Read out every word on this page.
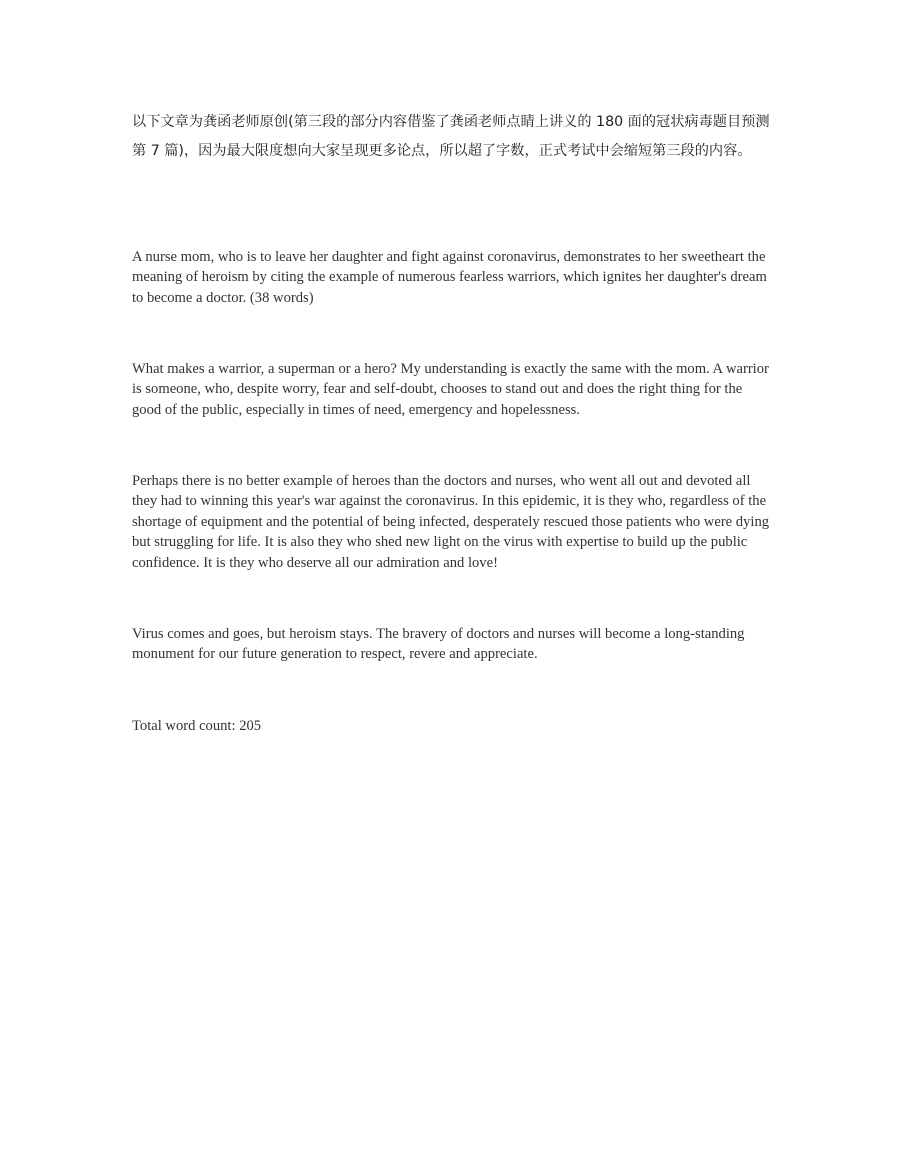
以下文章为龚函老师原创(第三段的部分内容借鉴了龚函老师点睛上讲义的 180 面的冠状病毒题目预测第 7 篇)，因为最大限度想向大家呈现更多论点，所以超了字数，正式考试中会缩短第三段的内容。
A nurse mom, who is to leave her daughter and fight against coronavirus, demonstrates to her sweetheart the meaning of heroism by citing the example of numerous fearless warriors, which ignites her daughter's dream to become a doctor. (38 words)
What makes a warrior, a superman or a hero? My understanding is exactly the same with the mom. A warrior is someone, who, despite worry, fear and self-doubt, chooses to stand out and does the right thing for the good of the public, especially in times of need, emergency and hopelessness.
Perhaps there is no better example of heroes than the doctors and nurses, who went all out and devoted all they had to winning this year's war against the coronavirus. In this epidemic, it is they who, regardless of the shortage of equipment and the potential of being infected, desperately rescued those patients who were dying but struggling for life. It is also they who shed new light on the virus with expertise to build up the public confidence. It is they who deserve all our admiration and love!
Virus comes and goes, but heroism stays. The bravery of doctors and nurses will become a long-standing monument for our future generation to respect, revere and appreciate.
Total word count: 205
